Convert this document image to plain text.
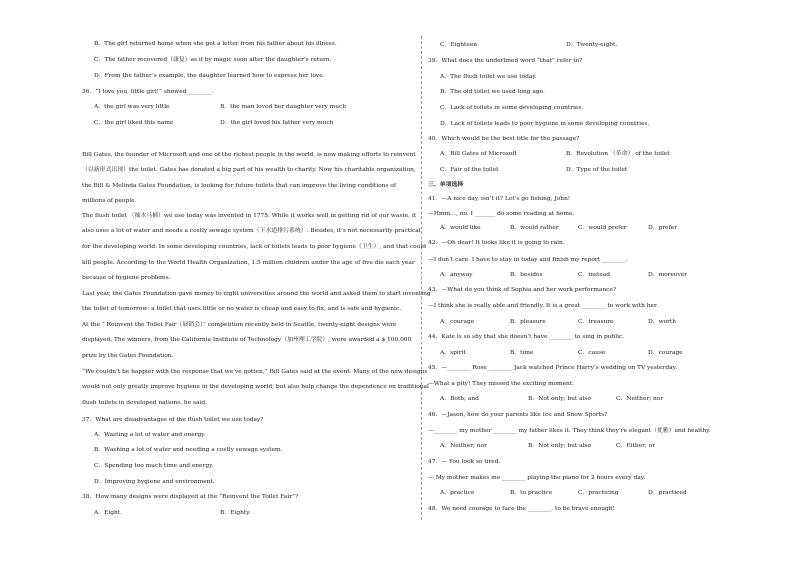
B．The girl returned home when she got a letter from his father about his illness.
C．The father recovered（康复）as if by magic soon after the daughter’s return.
D．From the father’s example, the daughter learned how to express her love.
36．“I love you, little girl!” showed ________.
A．the girl was very little	B．the man loved her daughter very much
C．the girl liked this name	D．the girl loved his father very much
Bill Gates, the founder of Microsoft and one of the richest people in the world, is now making efforts to reinvent
（以新形式出现）the toilet. Gates has donated a big part of his wealth to charity. Now his charitable organization,
the Bill & Melinda Gates Foundation, is looking for future toilets that can improve the living conditions of
millions of people.
The flush toilet （抽水马桶）we use today was invented in 1775. While it works well in getting rid of our waste, it
also uses a lot of water and needs a costly sewage system（下水道排污系统）. Besides, it’s not necessarily practical
for the developing world. In some developing countries, lack of toilets leads to poor hygiene（卫生）, and that could
kill people. According to the World Health Organization, 1.5 million children under the age of five die each year
because of hygiene problems.
Last year, the Gates Foundation gave money to eight universities around the world and asked them to start inventing
the toilet of tomorrow: a toilet that uses little or no water is cheap and easy to fix, and is safe and hygienic.
At the “ Reinvent the Toilet Fair（展销会）” competition recently held in Seattle, twenty-eight designs were
displayed. The winners, from the California Institute of Technology（加州理工学院）, were awarded a $ 100,000
prize by the Gates Foundation.
“We couldn’t be happier with the response that we’ve gotten,” Bill Gates said at the event. Many of the new designs
would not only greatly improve hygiene in the developing world, but also help change the dependence on traditional
flush toilets in developed nations, he said.
37．What are disadvantages of the flush toilet we use today?
A．Wasting a lot of water and energy.
B．Washing a lot of water and needing a costly sewage system.
C．Spending too much time and energy.
D．Improving hygiene and environment.
38．How many designs were displayed at the “Reinvent the Toilet Fair”?
A．Eight.	B．Eighty.
C．Eighteen.	D．Twenty-eight.
39．What does the underlined word “that” refer to?
A．The flush toilet we use today.
B．The old toilet we used long ago.
C．Lack of toilets in some developing countries.
D．Lack of toilets leads to poor hygiene in some developing countries.
40．Which would be the best title for the passage?
A．Bill Gates of Microsoft	B．Revolution （革命） of the toilet
C．Fair of the toilet	D．Type of the toilet
三、单项选择
41．—A nice day, isn’t it? Let’s go fishing, John!
—Hmm…, no. I _______ do some reading at home.
A．would like	B．would rather	C．would prefer	D．prefer
42．—Oh dear! It looks like it is going to rain.
—I don’t care. I have to stay in today and finish my report ________.
A．anyway	B．besides	C．instead	D．moreover
43．—What do you think of Sophia and her work performance?
—I think she is really able and friendly. It is a great ________ to work with her.
A．courage	B．pleasure	C．treasure	D．worth
44．Kate is so shy that she doesn’t have ________ to sing in public.
A．spirit	B．time	C．cause	D．courage
45．—________ Rose ________ Jack watched Prince Harry’s wedding on TV yesterday.
—What a pity! They missed the exciting moment.
A．Both; and	B．Not only; but also	C．Neither; nor
46．—Jason, how do your parents like Ice and Snow Sports?
—________ my mother ________ my father likes it. They think they’re elegant（优雅）and healthy.
A．Neither; nor	B．Not only; but also	C．Either; or
47．— You look so tired.
— My mother makes me ________ playing the piano for 2 hours every day.
A．practice	B．to practice	C．practicing	D．practiced
48．We need courage to face the ________, to be brave enough!
